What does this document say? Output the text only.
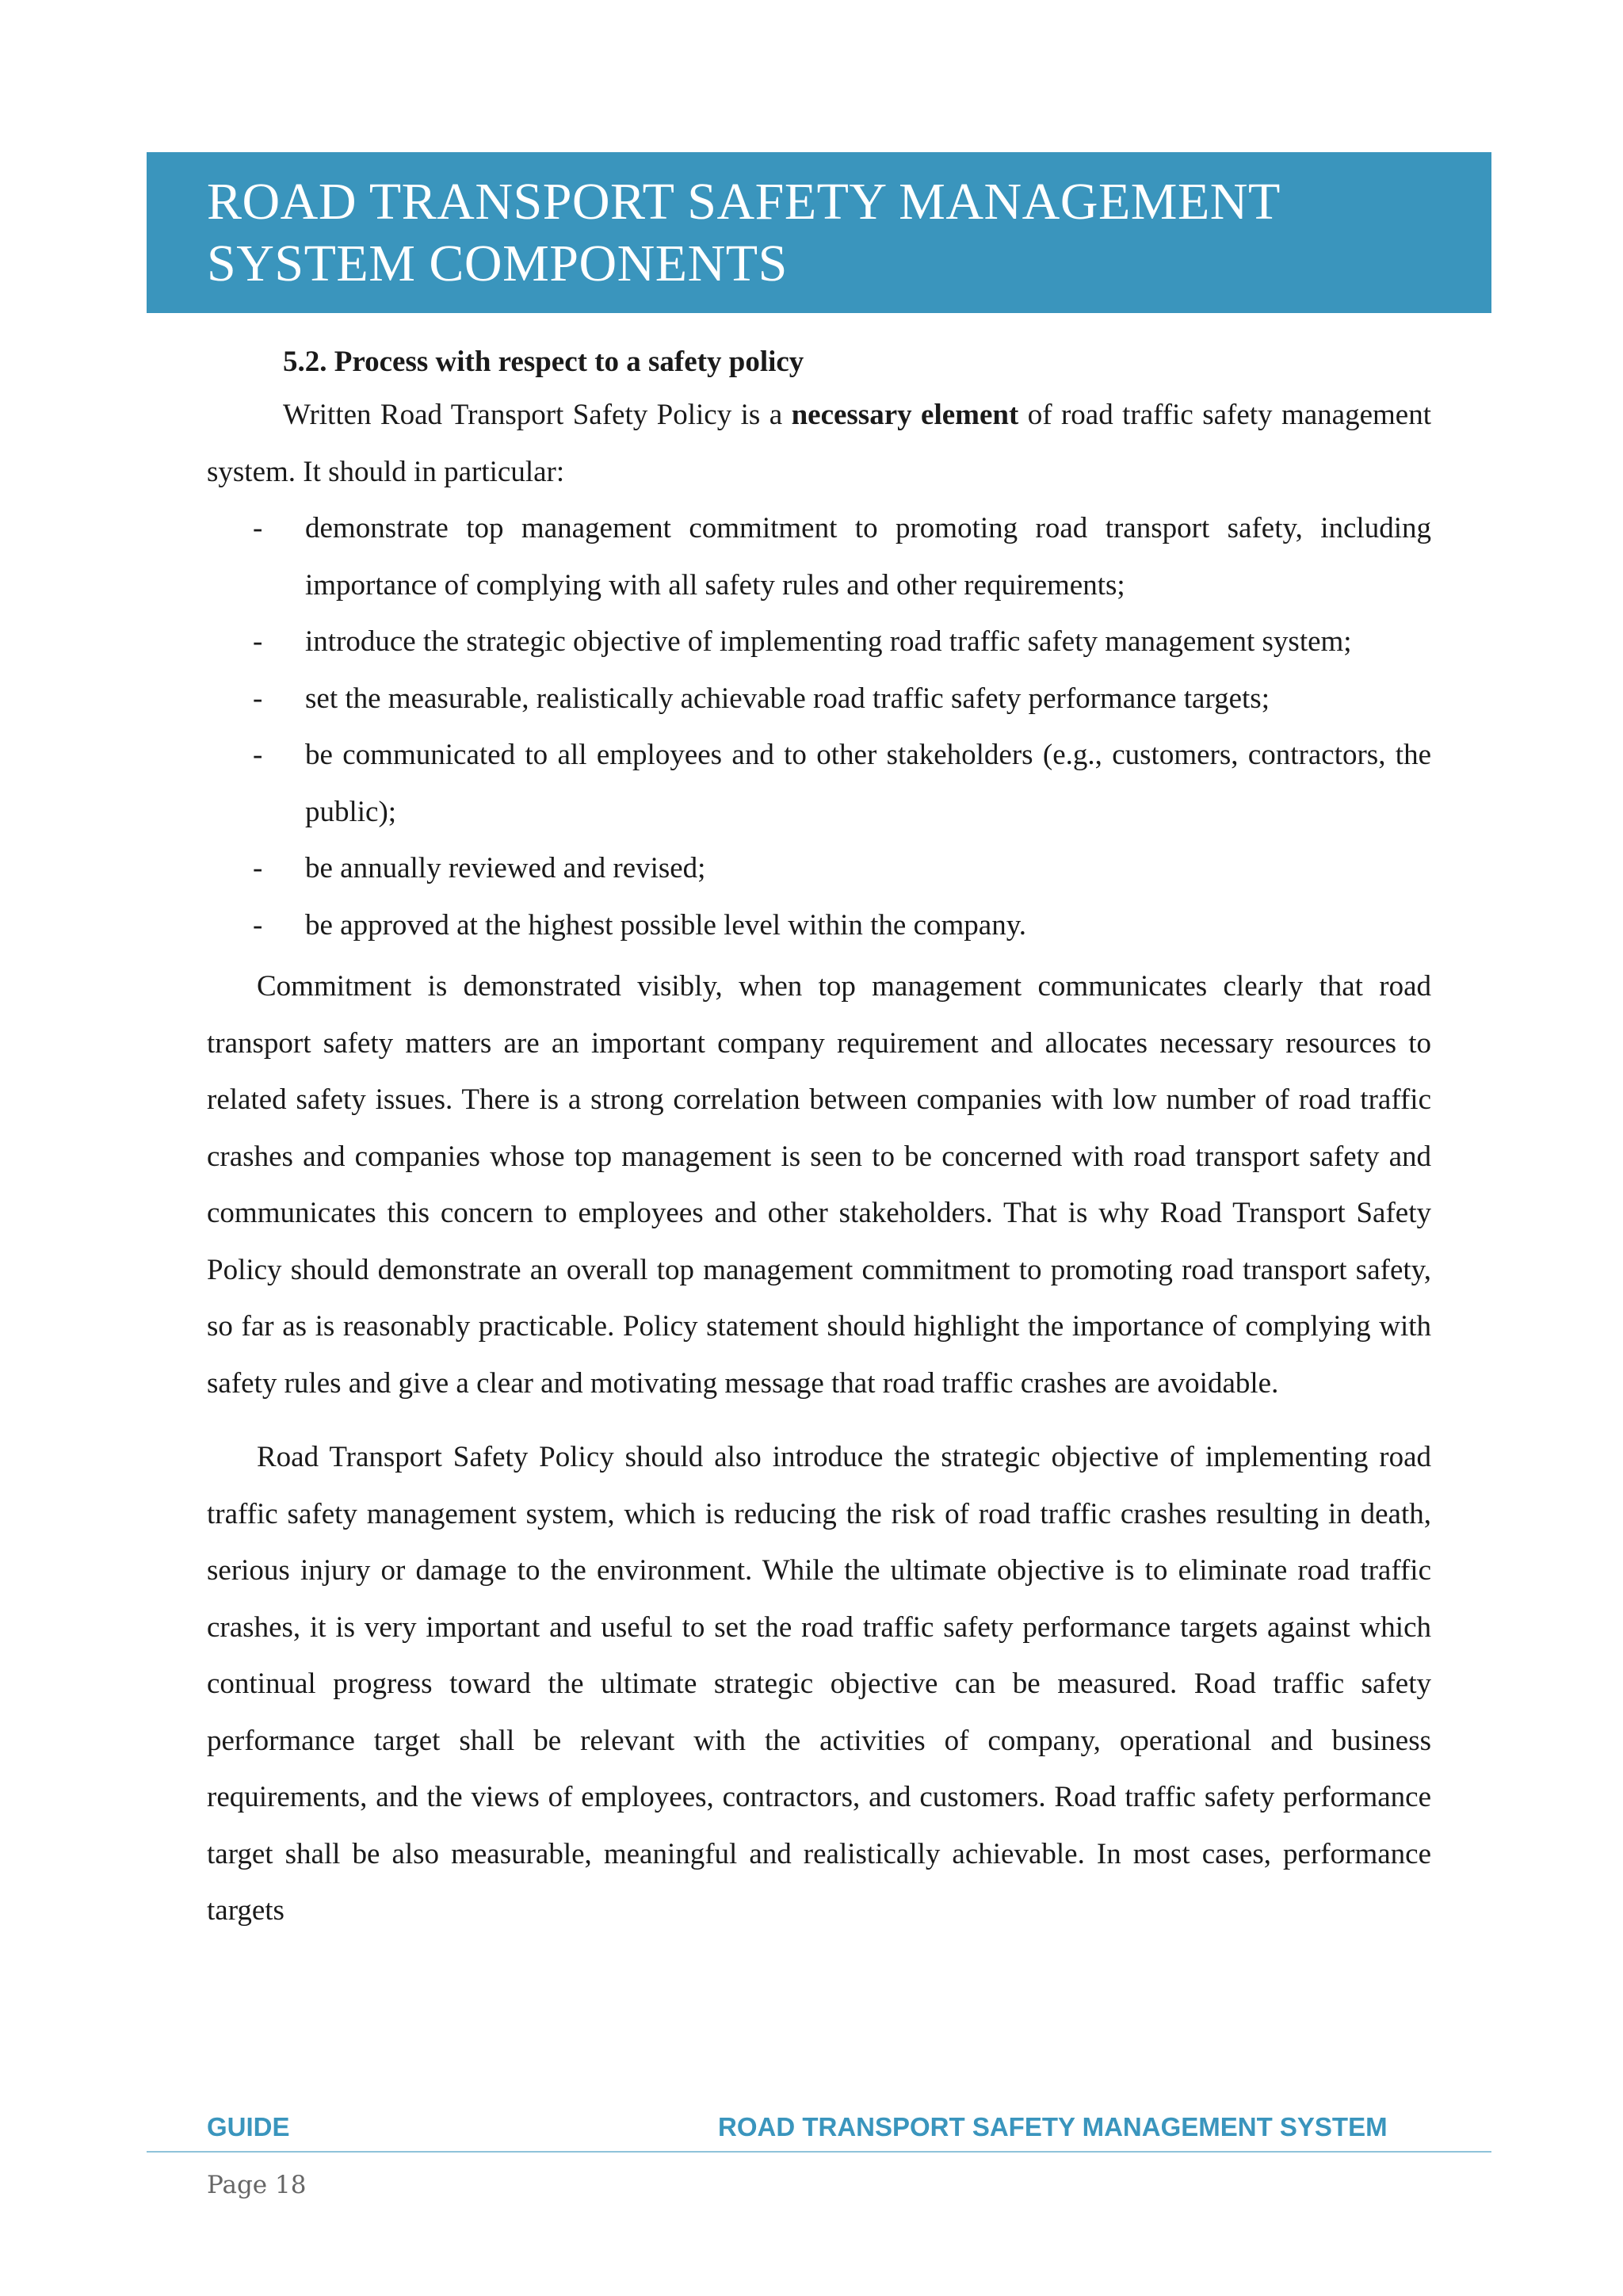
ROAD TRANSPORT SAFETY MANAGEMENT
SYSTEM COMPONENTS
5.2. Process with respect to a safety policy

Written Road Transport Safety Policy is a necessary element of road traffic safety management system. It should in particular:

- demonstrate top management commitment to promoting road transport safety, including importance of complying with all safety rules and other requirements;
- introduce the strategic objective of implementing road traffic safety management system;
- set the measurable, realistically achievable road traffic safety performance targets;
- be communicated to all employees and to other stakeholders (e.g., customers, contractors, the public);
- be annually reviewed and revised;
- be approved at the highest possible level within the company.

Commitment is demonstrated visibly, when top management communicates clearly that road transport safety matters are an important company requirement and allocates necessary resources to related safety issues. There is a strong correlation between companies with low number of road traffic crashes and companies whose top management is seen to be concerned with road transport safety and communicates this concern to employees and other stakeholders. That is why Road Transport Safety Policy should demonstrate an overall top management commitment to promoting road transport safety, so far as is reasonably practicable. Policy statement should highlight the importance of complying with safety rules and give a clear and motivating message that road traffic crashes are avoidable.

Road Transport Safety Policy should also introduce the strategic objective of implementing road traffic safety management system, which is reducing the risk of road traffic crashes resulting in death, serious injury or damage to the environment. While the ultimate objective is to eliminate road traffic crashes, it is very important and useful to set the road traffic safety performance targets against which continual progress toward the ultimate strategic objective can be measured. Road traffic safety performance target shall be relevant with the activities of company, operational and business requirements, and the views of employees, contractors, and customers. Road traffic safety performance target shall be also measurable, meaningful and realistically achievable. In most cases, performance targets

GUIDE	ROAD TRANSPORT SAFETY MANAGEMENT SYSTEM
Page 18
